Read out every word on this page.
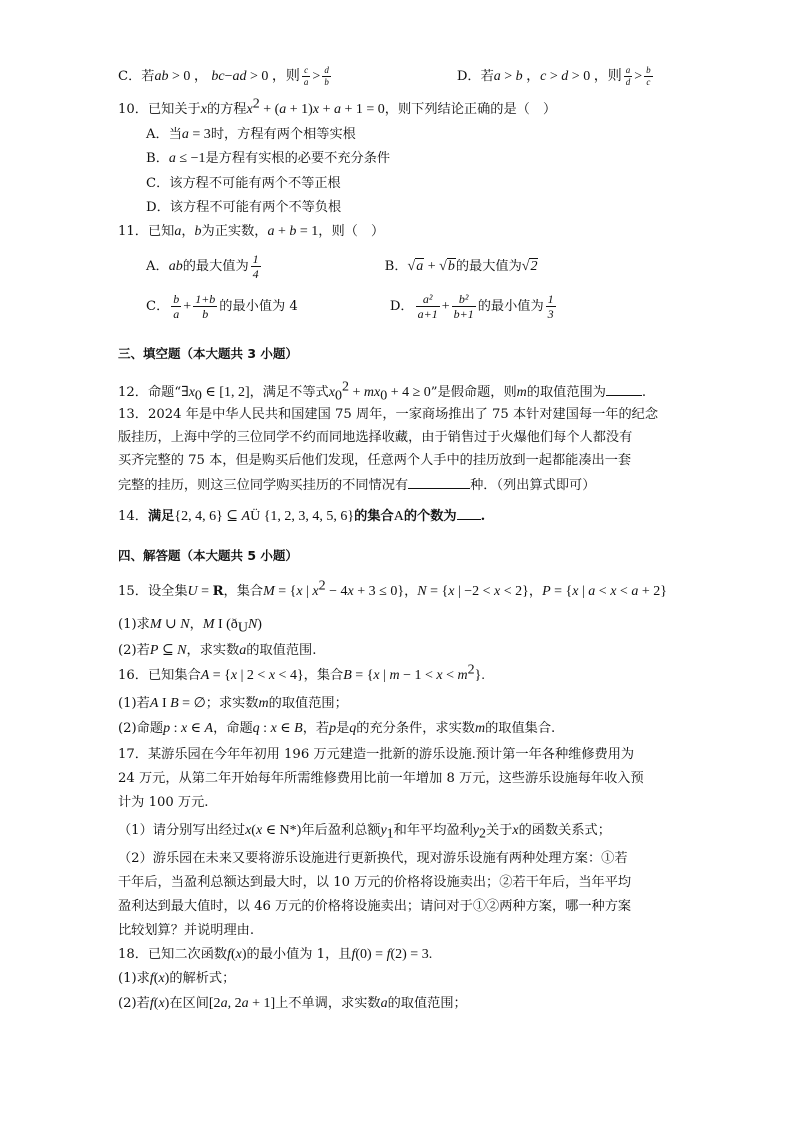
C．若ab > 0 ， bc−ad > 0 ，则 $\frac{c}{a} > \frac{d}{b}$	D．若a > b ，c > d > 0 ，则 $\frac{a}{d} > \frac{b}{c}$
10．已知关于x的方程$x^2 + (a + 1)x + a + 1 = 0$，则下列结论正确的是（　）
A．当a = 3时，方程有两个相等实根
B．a ≤ −1是方程有实根的必要不充分条件
C．该方程不可能有两个不等正根
D．该方程不可能有两个不等负根
11．已知a，b为正实数，a + b = 1，则（　）
A．ab的最大值为 $\frac{1}{4}$	B．√a + √b的最大值为√2
C． $\frac{b}{a} + \frac{1+b}{b}$ 的最小值为 4	D． $\frac{\text{a²}}{a+1} + \frac{\text{b²}}{b+1}$ 的最小值为 $\frac{1}{3}$
三、填空题（本大题共 3 小题）
12．命题“$\exists x_0$ ∈ [1, 2]，满足不等式$x_0^2 + mx_0 + 4 \ge 0$”是假命题，则m的取值范围为	.
13．2024 年是中华人民共和国建国 75 周年，一家商场推出了 75 本针对建国每一年的纪念
版挂历，上海中学的三位同学不约而同地选择收藏，由于销售过于火爆他们每个人都没有
买齐完整的 75 本，但是购买后他们发现，任意两个人手中的挂历放到一起都能凑出一套
完整的挂历，则这三位同学购买挂历的不同情况有	种．（列出算式即可）
14．满足{2, 4, 6} ⊆ AÜ {1, 2, 3, 4, 5, 6}的集合A的个数为 .
四、解答题（本大题共 5 小题）
15．设全集U = R，集合M = {x | $x^2 - 4x + 3 \le 0$}，N = {x | −2 < x < 2}，P = {x | a < x < a + 2}
(1)求M ∪ N，M I $(ð_UN)$
(2)若P ⊆ N，求实数a的取值范围.
16．已知集合A = {x | 2 < x < 4}，集合B = {x | $m - 1 < x < m^2$}.
(1)若A I B = ∅；求实数m的取值范围；
(2)命题p : x ∈ A，命题q : x ∈ B，若p是q的充分条件，求实数m的取值集合.
17．某游乐园在今年年初用 196 万元建造一批新的游乐设施.预计第一年各种维修费用为
24 万元，从第二年开始每年所需维修费用比前一年增加 8 万元，这些游乐设施每年收入预
计为 100 万元.
（1）请分别写出经过x(x ∈ N*)年后盈利总额$y_1$和年平均盈利$y_2$关于x的函数关系式；
（2）游乐园在未来又要将游乐设施进行更新换代，现对游乐设施有两种处理方案：①若
干年后，当盈利总额达到最大时，以 10 万元的价格将设施卖出；②若干年后，当年平均
盈利达到最大值时，以 46 万元的价格将设施卖出；请问对于①②两种方案，哪一种方案
比较划算？并说明理由.
18．已知二次函数f(x)的最小值为 1，且f(0) = f(2) = 3.
(1)求f(x)的解析式；
(2)若f(x)在区间[2a, 2a + 1]上不单调，求实数a的取值范围；
